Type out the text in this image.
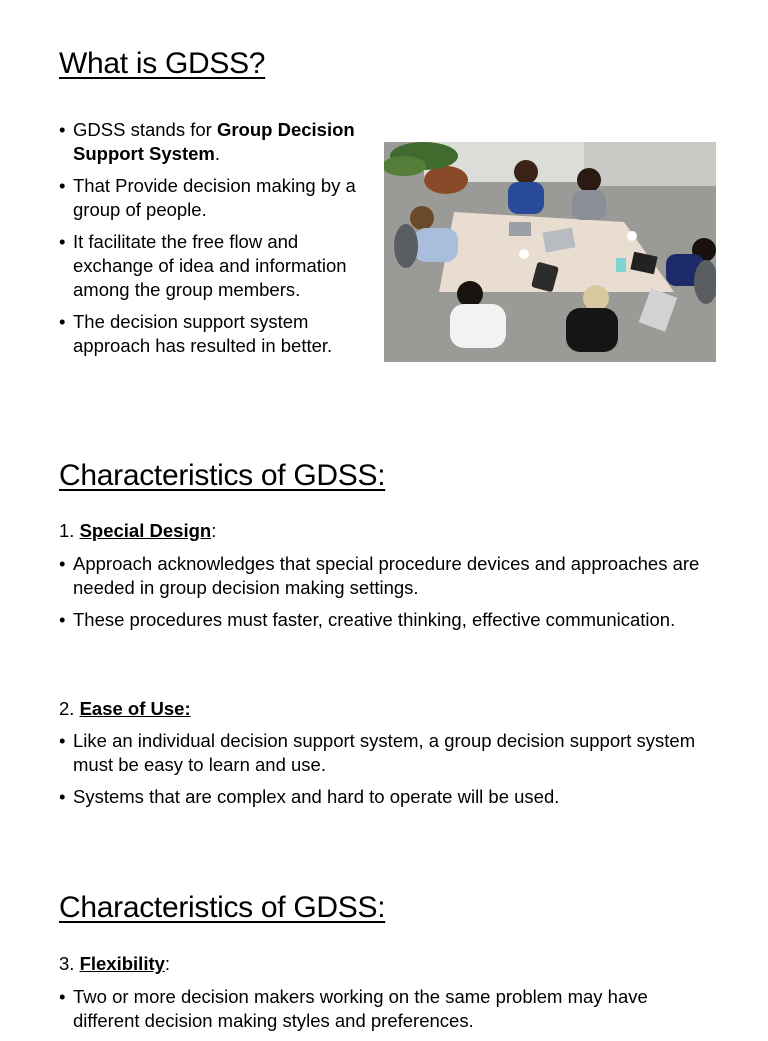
What is GDSS?
• GDSS stands for Group Decision Support System.
• That Provide decision making by a group of people.
• It facilitate the free flow and exchange of idea and information among the group members.
• The decision support system approach has resulted in better.
Characteristics of GDSS:

1. Special Design:

• Approach acknowledges that special procedure devices and approaches are needed in group decision making settings.
• These procedures must faster, creative thinking, effective communication.

2. Ease of Use:

• Like an individual decision support system, a group decision support system must be easy to learn and use.
• Systems that are complex and hard to operate will be used.
Characteristics of GDSS:

3. Flexibility:

• Two or more decision makers working on the same problem may have different decision making styles and preferences.
